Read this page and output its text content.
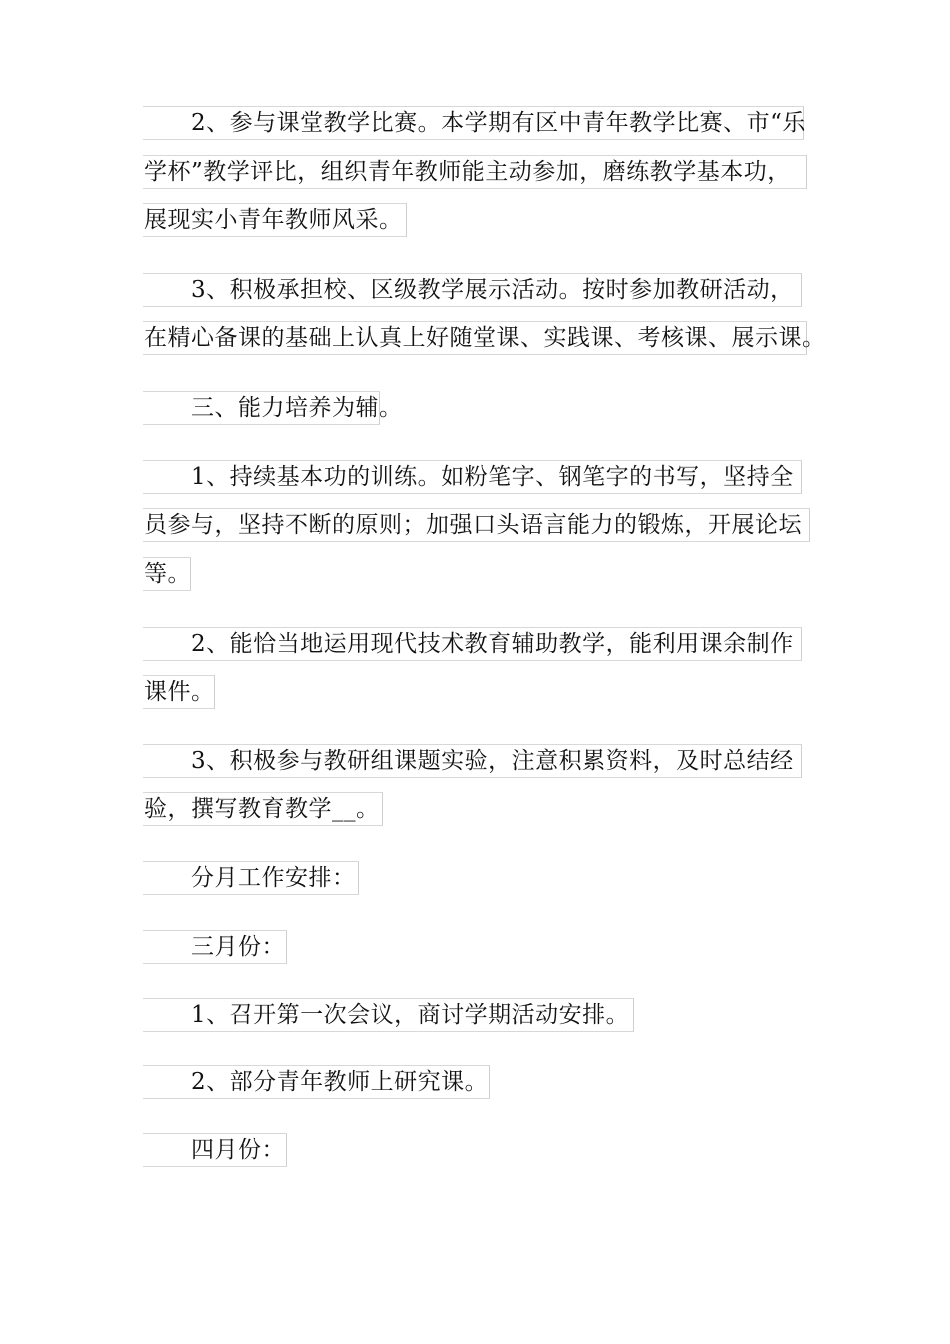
2、参与课堂教学比赛。本学期有区中青年教学比赛、市“乐
学杯”教学评比，组织青年教师能主动参加，磨练教学基本功，
展现实小青年教师风采。
3、积极承担校、区级教学展示活动。按时参加教研活动，
在精心备课的基础上认真上好随堂课、实践课、考核课、展示课。
三、能力培养为辅。
1、持续基本功的训练。如粉笔字、钢笔字的书写，坚持全
员参与，坚持不断的原则；加强口头语言能力的锻炼，开展论坛
等。
2、能恰当地运用现代技术教育辅助教学，能利用课余制作
课件。
3、积极参与教研组课题实验，注意积累资料，及时总结经
验，撰写教育教学__。
分月工作安排：
三月份：
1、召开第一次会议，商讨学期活动安排。
2、部分青年教师上研究课。
四月份：
